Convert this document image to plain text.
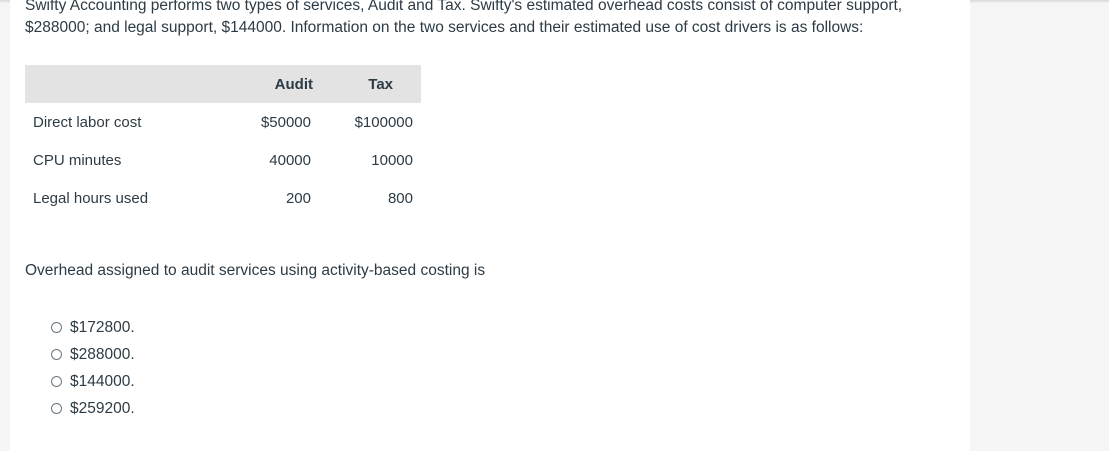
Swifty Accounting performs two types of services, Audit and Tax. Swifty's estimated overhead costs consist of computer support,
$288000; and legal support, $144000. Information on the two services and their estimated use of cost drivers is as follows:
	Audit	Tax
Direct labor cost	$50000	$100000
CPU minutes	40000	10000
Legal hours used	200	800
Overhead assigned to audit services using activity-based costing is
$172800.
$288000.
$144000.
$259200.
